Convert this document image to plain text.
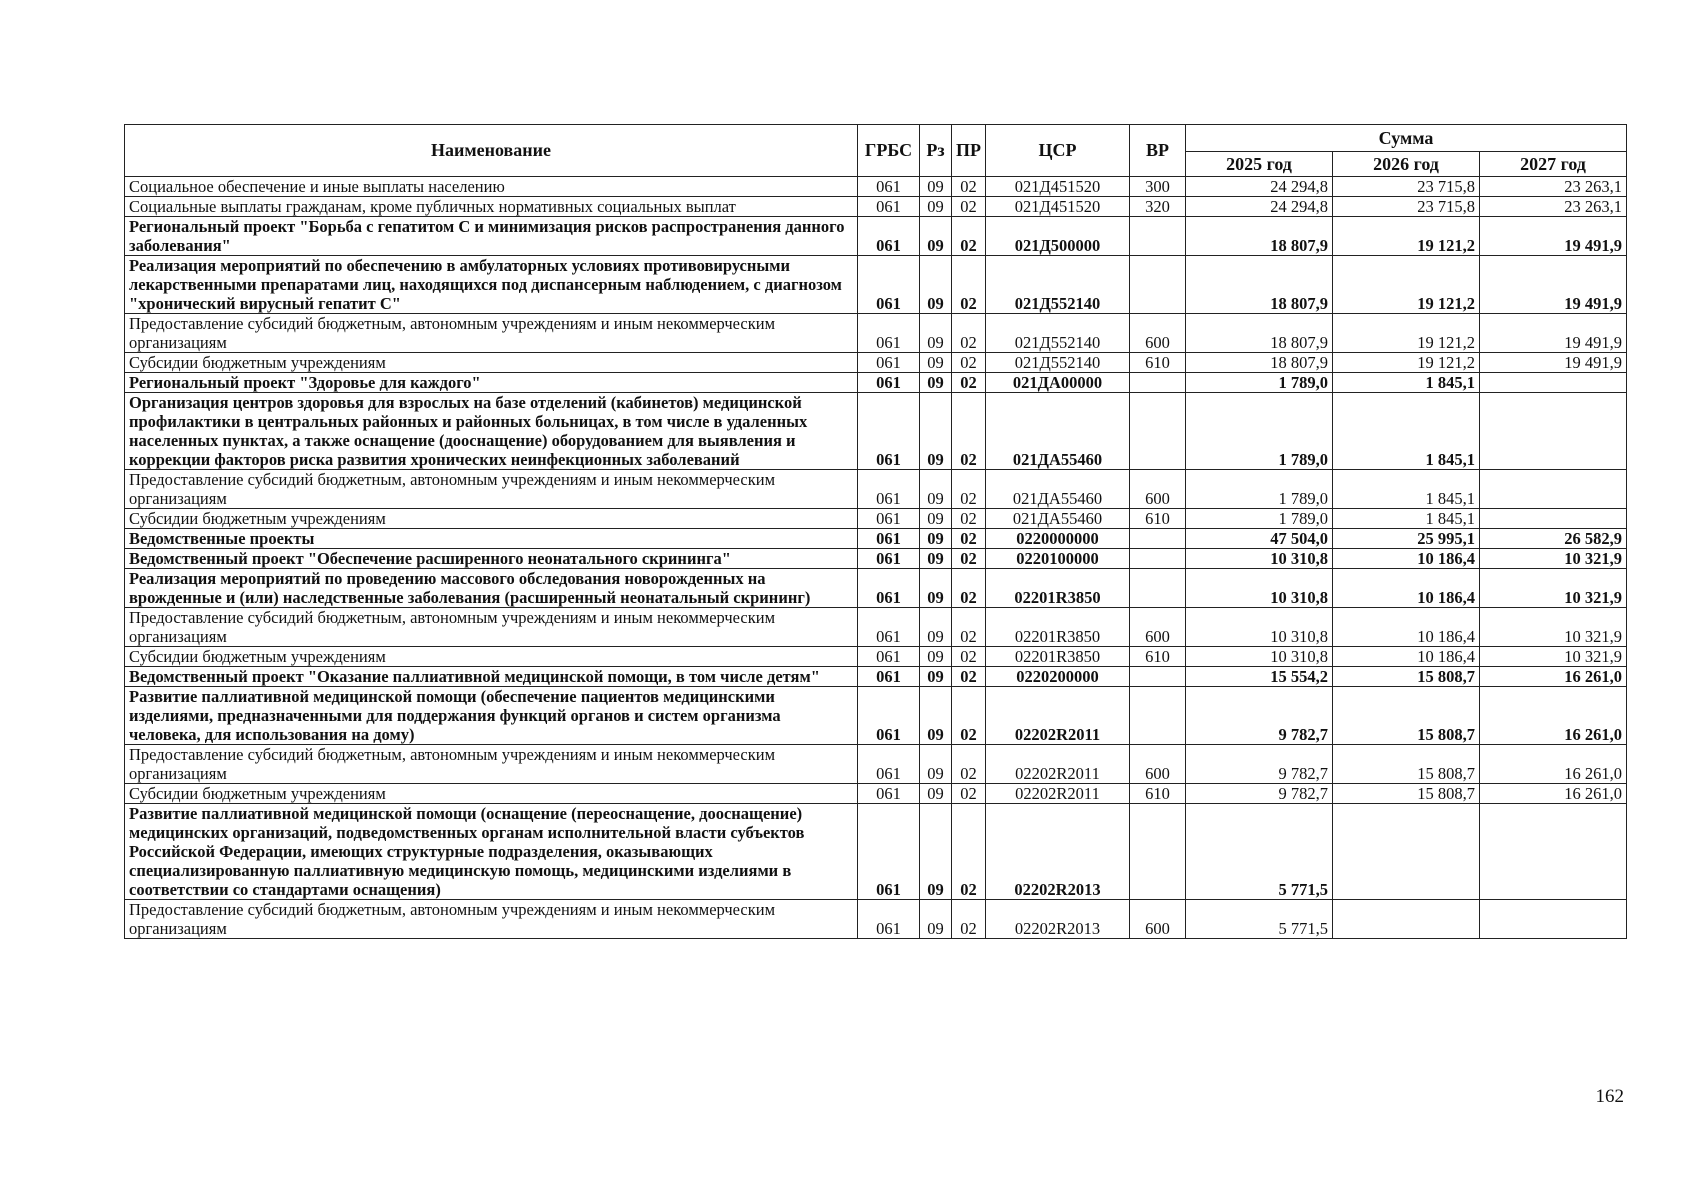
Наименование	ГРБС	Рз	ПР	ЦСР	ВР	Сумма		
						2025 год	2026 год	2027 год
Социальное обеспечение и иные выплаты населению	061	09	02	021Д451520	300	24 294,8	23 715,8	23 263,1
Социальные выплаты гражданам, кроме публичных нормативных социальных выплат	061	09	02	021Д451520	320	24 294,8	23 715,8	23 263,1
Региональный проект "Борьба с гепатитом С и минимизация рисков распространения данного заболевания"	061	09	02	021Д500000		18 807,9	19 121,2	19 491,9
Реализация мероприятий по обеспечению в амбулаторных условиях противовирусными лекарственными препаратами лиц, находящихся под диспансерным наблюдением, с диагнозом "хронический вирусный гепатит С"	061	09	02	021Д552140		18 807,9	19 121,2	19 491,9
Предоставление субсидий бюджетным, автономным учреждениям и иным некоммерческим организациям	061	09	02	021Д552140	600	18 807,9	19 121,2	19 491,9
Субсидии бюджетным учреждениям	061	09	02	021Д552140	610	18 807,9	19 121,2	19 491,9
Региональный проект "Здоровье для каждого"	061	09	02	021ДА00000		1 789,0	1 845,1	
Организация центров здоровья для взрослых на базе отделений (кабинетов) медицинской профилактики в центральных районных и районных больницах, в том числе в удаленных населенных пунктах, а также оснащение (дооснащение) оборудованием для выявления и коррекции факторов риска развития хронических неинфекционных заболеваний	061	09	02	021ДА55460		1 789,0	1 845,1	
Предоставление субсидий бюджетным, автономным учреждениям и иным некоммерческим организациям	061	09	02	021ДА55460	600	1 789,0	1 845,1	
Субсидии бюджетным учреждениям	061	09	02	021ДА55460	610	1 789,0	1 845,1	
Ведомственные проекты	061	09	02	0220000000		47 504,0	25 995,1	26 582,9
Ведомственный проект "Обеспечение расширенного неонатального скрининга"	061	09	02	0220100000		10 310,8	10 186,4	10 321,9
Реализация мероприятий по проведению массового обследования новорожденных на врожденные и (или) наследственные заболевания (расширенный неонатальный скрининг)	061	09	02	02201R3850		10 310,8	10 186,4	10 321,9
Предоставление субсидий бюджетным, автономным учреждениям и иным некоммерческим организациям	061	09	02	02201R3850	600	10 310,8	10 186,4	10 321,9
Субсидии бюджетным учреждениям	061	09	02	02201R3850	610	10 310,8	10 186,4	10 321,9
Ведомственный проект "Оказание паллиативной медицинской помощи, в том числе детям"	061	09	02	0220200000		15 554,2	15 808,7	16 261,0
Развитие паллиативной медицинской помощи (обеспечение пациентов медицинскими изделиями, предназначенными для поддержания функций органов и систем организма человека, для использования на дому)	061	09	02	02202R2011		9 782,7	15 808,7	16 261,0
Предоставление субсидий бюджетным, автономным учреждениям и иным некоммерческим организациям	061	09	02	02202R2011	600	9 782,7	15 808,7	16 261,0
Субсидии бюджетным учреждениям	061	09	02	02202R2011	610	9 782,7	15 808,7	16 261,0
Развитие паллиативной медицинской помощи (оснащение (переоснащение, дооснащение) медицинских организаций, подведомственных органам исполнительной власти субъектов Российской Федерации, имеющих структурные подразделения, оказывающих специализированную паллиативную медицинскую помощь, медицинскими изделиями в соответствии со стандартами оснащения)	061	09	02	02202R2013		5 771,5		
Предоставление субсидий бюджетным, автономным учреждениям и иным некоммерческим организациям	061	09	02	02202R2013	600	5 771,5		
162
